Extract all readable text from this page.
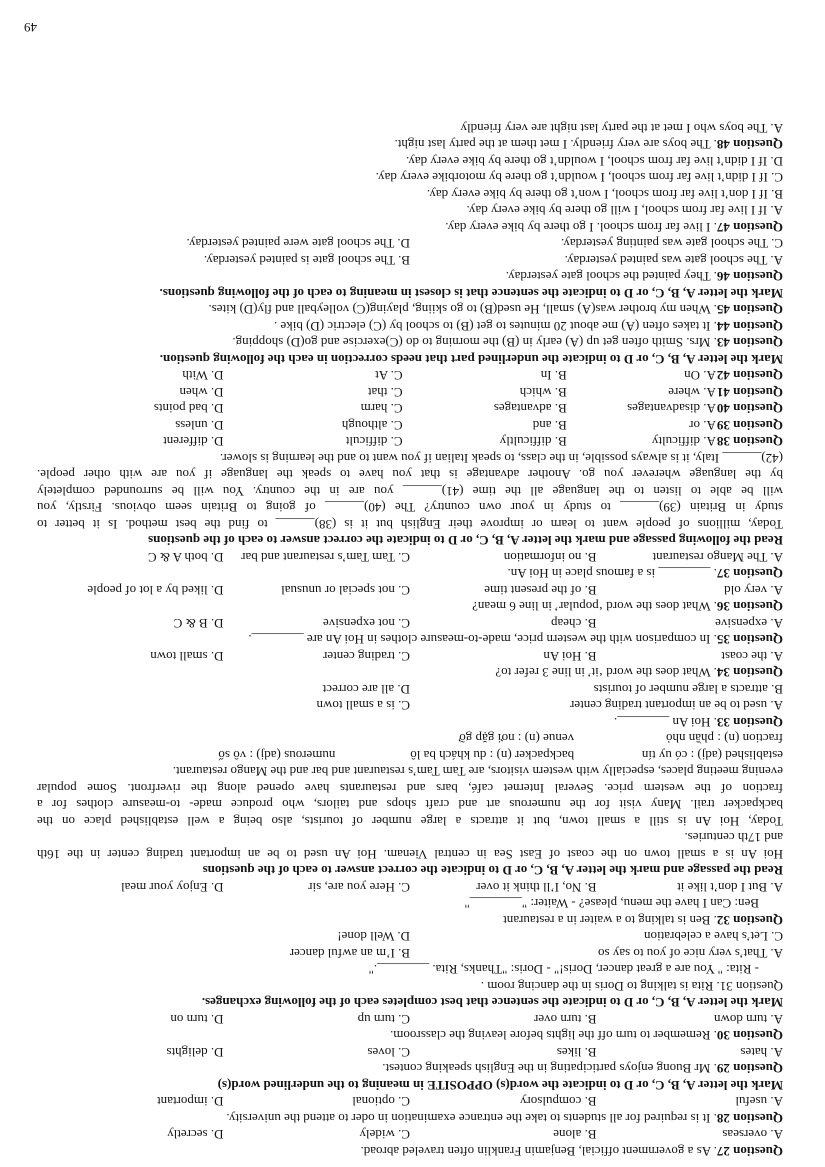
Question 27. As a government official, Benjamin Franklin often traveled abroad.
A. overseas
B. alone
C. widely
D. secretly
Question 28. It is required for all students to take the entrance examination in oder to attend the university.
A. useful
B. compulsory
C. optional
D. important
Mark the letter A, B, C, or D to indicate the word(s) OPPOSITE in meaning to the underlined word(s)
Question 29. Mr Buong enjoys participating in the English speaking contest.
A. hates
B. likes
C. loves
D. delights
Question 30. Remember to turn off the lights before leaving the classroom.
A. turn down
B. turn over
C. turn up
D. turn on
Mark the letter A, B, C, or D to indicate the sentence that best completes each of the following exchanges.
Question 31. Rita is talking to Doris in the dancing room .
- Rita: " You are a great dancer, Doris!" - Doris: "Thanks, Rita. ________."
A. That’s very nice of you to say so
B. I’m an awful dancer
C. Let’s have a celebration
D. Well done!
Question 32. Ben is talking to a waiter in a restaurant
Ben: Can I have the menu, please? - Waiter: "________"
A. But I don’t like it
B. No, I’ll think it over
C. Here you are, sir
D. Enjoy your meal
Read the passage and mark the letter A, B, C, or D to indicate the correct answer to each of the questions
Hoi An is a small town on the coast of East Sea in central Vienam. Hoi An used to be an important trading center in the 16th
and 17th centuries.
Today, Hoi An is still a small town, but it attracts a large number of tourists, also being a well established place on the
backpacker trail. Many visit for the numerous art and craft shops and tailors, who produce made- to-measure clothes for a
fraction of the western price. Several Internet café, bars and restaurants have opened along the riverfront. Some popular
evening meeting places, especially with western visitors, are Tam Tam’s restaurant and bar and the Mango restaurant.
established (adj) : có uy tín
backpacker (n) : du khách ba lô
numerous (adj) : vô số
fraction (n) : phần nhỏ
venue (n) : nơi gặp gỡ
Question 33. Hoi An ________.
A. used to be an important trading center
C. is a small town
B. attracts a large number of tourists
D. all are correct
Question 34. What does the word ‘it’ in line 3 refer to?
A. the coast
B. Hoi An
C. trading center
D. small town
Question 35. In comparison with the western price, made-to-measure clothes in Hoi An are ________.
A. expensive
B. cheap
C. not expensive
D. B & C
Question 36. What does the word ‘popular’ in line 6 mean?
A. very old
B. of the present time
C. not special or unusual
D. liked by a lot of people
Question 37. ________ is a famous place in Hoi An.
A. The Mango restaurant
B. no information
C. Tam Tam’s restaurant and bar
D. both A & C
Read the following passage and mark the letter A, B, C, or D to indicate the correct answer to each of the questions
Today, millions of people want to learn or improve their English but it is (38)______ to find the best method. Is it better to
study in Britain (39)______ to study in your own country? The (40)______ of going to Britain seem obvious. Firstly, you
will be able to listen to the language all the time (41)______ you are in the country. You will be surrounded completely
by the language wherever you go. Another advantage is that you have to speak the language if you are with other people.
(42)______ Italy, it is always possible, in the class, to speak Italian if you want to and the learning is slower.
Question 38
A. difficulty
B. difficultly
C. difficult
D. different
Question 39
A. or
B. and
C. although
D. unless
Question 40
A. disadvantages
B. advantages
C. harm
D. bad points
Question 41
A. where
B. which
C. that
D. when
Question 42
A. On
B. In
C. At
D. With
Mark the letter A, B, C, or D to indicate the underlined part that needs correction in each the following question.
Question 43. Mrs. Smith often get up (A) early in (B) the morning to do (C)exercise and go(D) shopping.
Question 44. It takes often (A) me about 20 minutes to get (B) to school by (C) electric (D) bike .
Question 45. When my brother was(A) small, He used(B) to go skiing, playing(C) volleyball and fly(D) kites.
Mark the letter A, B, C, or D to indicate the sentence that is closest in meaning to each of the following questions.
Question 46. They painted the school gate yesterday.
A. The school gate was painted yesterday.
B. The school gate is painted yesterday.
C. The school gate was painting yesterday.
D. The school gate were painted yesterday.
Question 47. I live far from school. I go there by bike every day.
A. If I live far from school, I will go there by bike every day.
B. If I don’t live far from school, I won’t go there by bike every day.
C. If I didn’t live far from school, I wouldn’t go there by motorbike every day.
D. If I didn’t live far from school, I wouldn’t go there by bike every day.
Question 48. The boys are very friendly. I met them at the party last night.
A. The boys who I met at the party last night are very friendly
49
